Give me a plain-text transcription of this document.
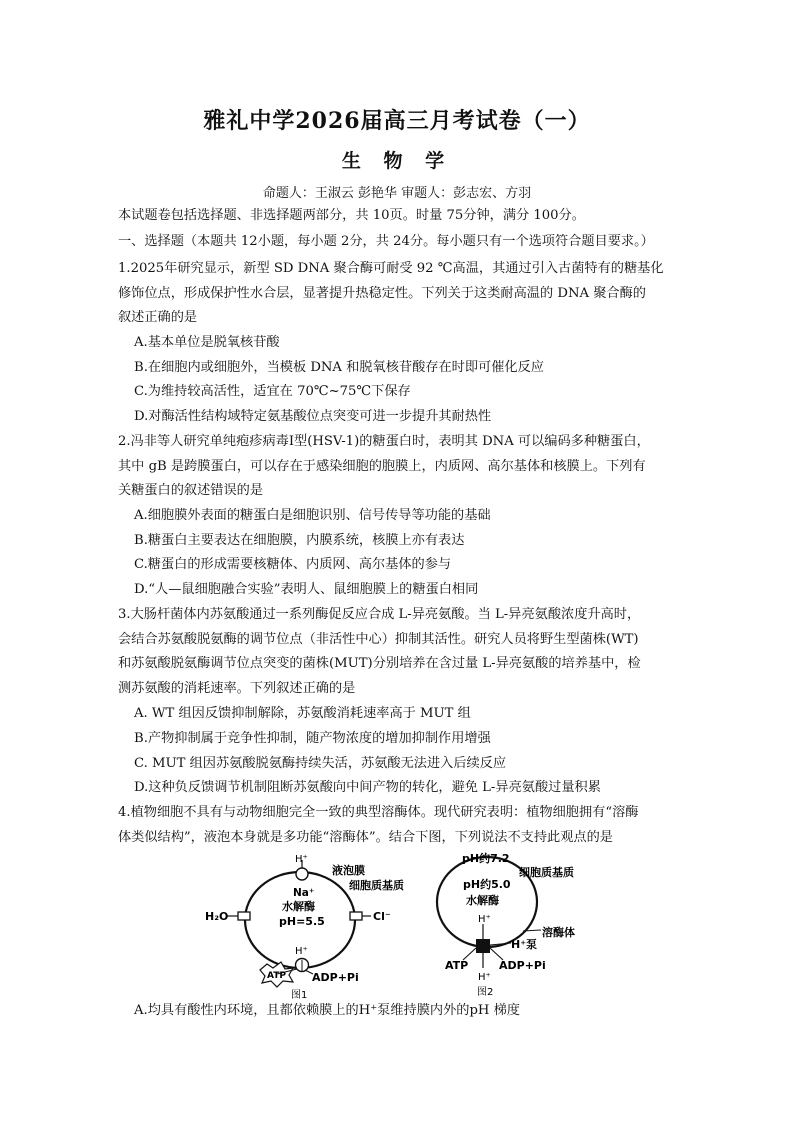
雅礼中学2026届高三月考试卷（一）
生 物 学
命题人：王淑云 彭艳华 审题人：彭志宏、方羽
本试题卷包括选择题、非选择题两部分，共 10页。时量 75分钟，满分 100分。
一、选择题（本题共 12小题，每小题 2分，共 24分。每小题只有一个选项符合题目要求。）
1.2025年研究显示，新型 SD DNA 聚合酶可耐受 92 ℃高温，其通过引入古菌特有的糖基化
修饰位点，形成保护性水合层，显著提升热稳定性。下列关于这类耐高温的 DNA 聚合酶的
叙述正确的是
A.基本单位是脱氧核苷酸
B.在细胞内或细胞外，当模板 DNA 和脱氧核苷酸存在时即可催化反应
C.为维持较高活性，适宜在 70℃~75℃下保存
D.对酶活性结构域特定氨基酸位点突变可进一步提升其耐热性
2.冯非等人研究单纯疱疹病毒Ⅰ型(HSV-1)的糖蛋白时，表明其 DNA 可以编码多种糖蛋白，
其中 gB 是跨膜蛋白，可以存在于感染细胞的胞膜上，内质网、高尔基体和核膜上。下列有
关糖蛋白的叙述错误的是
A.细胞膜外表面的糖蛋白是细胞识别、信号传导等功能的基础
B.糖蛋白主要表达在细胞膜，内膜系统，核膜上亦有表达
C.糖蛋白的形成需要核糖体、内质网、高尔基体的参与
D.“人—鼠细胞融合实验”表明人、鼠细胞膜上的糖蛋白相同
3.大肠杆菌体内苏氨酸通过一系列酶促反应合成 L-异亮氨酸。当 L-异亮氨酸浓度升高时，
会结合苏氨酸脱氨酶的调节位点（非活性中心）抑制其活性。研究人员将野生型菌株(WT)
和苏氨酸脱氨酶调节位点突变的菌株(MUT)分别培养在含过量 L-异亮氨酸的培养基中，检
测苏氨酸的消耗速率。下列叙述正确的是
A. WT 组因反馈抑制解除，苏氨酸消耗速率高于 MUT 组
B.产物抑制属于竞争性抑制，随产物浓度的增加抑制作用增强
C. MUT 组因苏氨酸脱氨酶持续失活，苏氨酸无法进入后续反应
D.这种负反馈调节机制阻断苏氨酸向中间产物的转化，避免 L-异亮氨酸过量积累
4.植物细胞不具有与动物细胞完全一致的典型溶酶体。现代研究表明：植物细胞拥有“溶酶
体类似结构”，液泡本身就是多功能“溶酶体”。结合下图，下列说法不支持此观点的是
H⁺
液泡膜
细胞质基质
Na⁺
水解酶
pH=5.5
H₂O	Cl⁻
H⁺
ATP ADP+Pi
图1
pH约7.2
细胞质基质
pH约5.0
水解酶
H⁺
溶酶体
H⁺泵
ATP	ADP+Pi
H⁺
图2
A.均具有酸性内环境，且都依赖膜上的H⁺泵维持膜内外的pH 梯度
